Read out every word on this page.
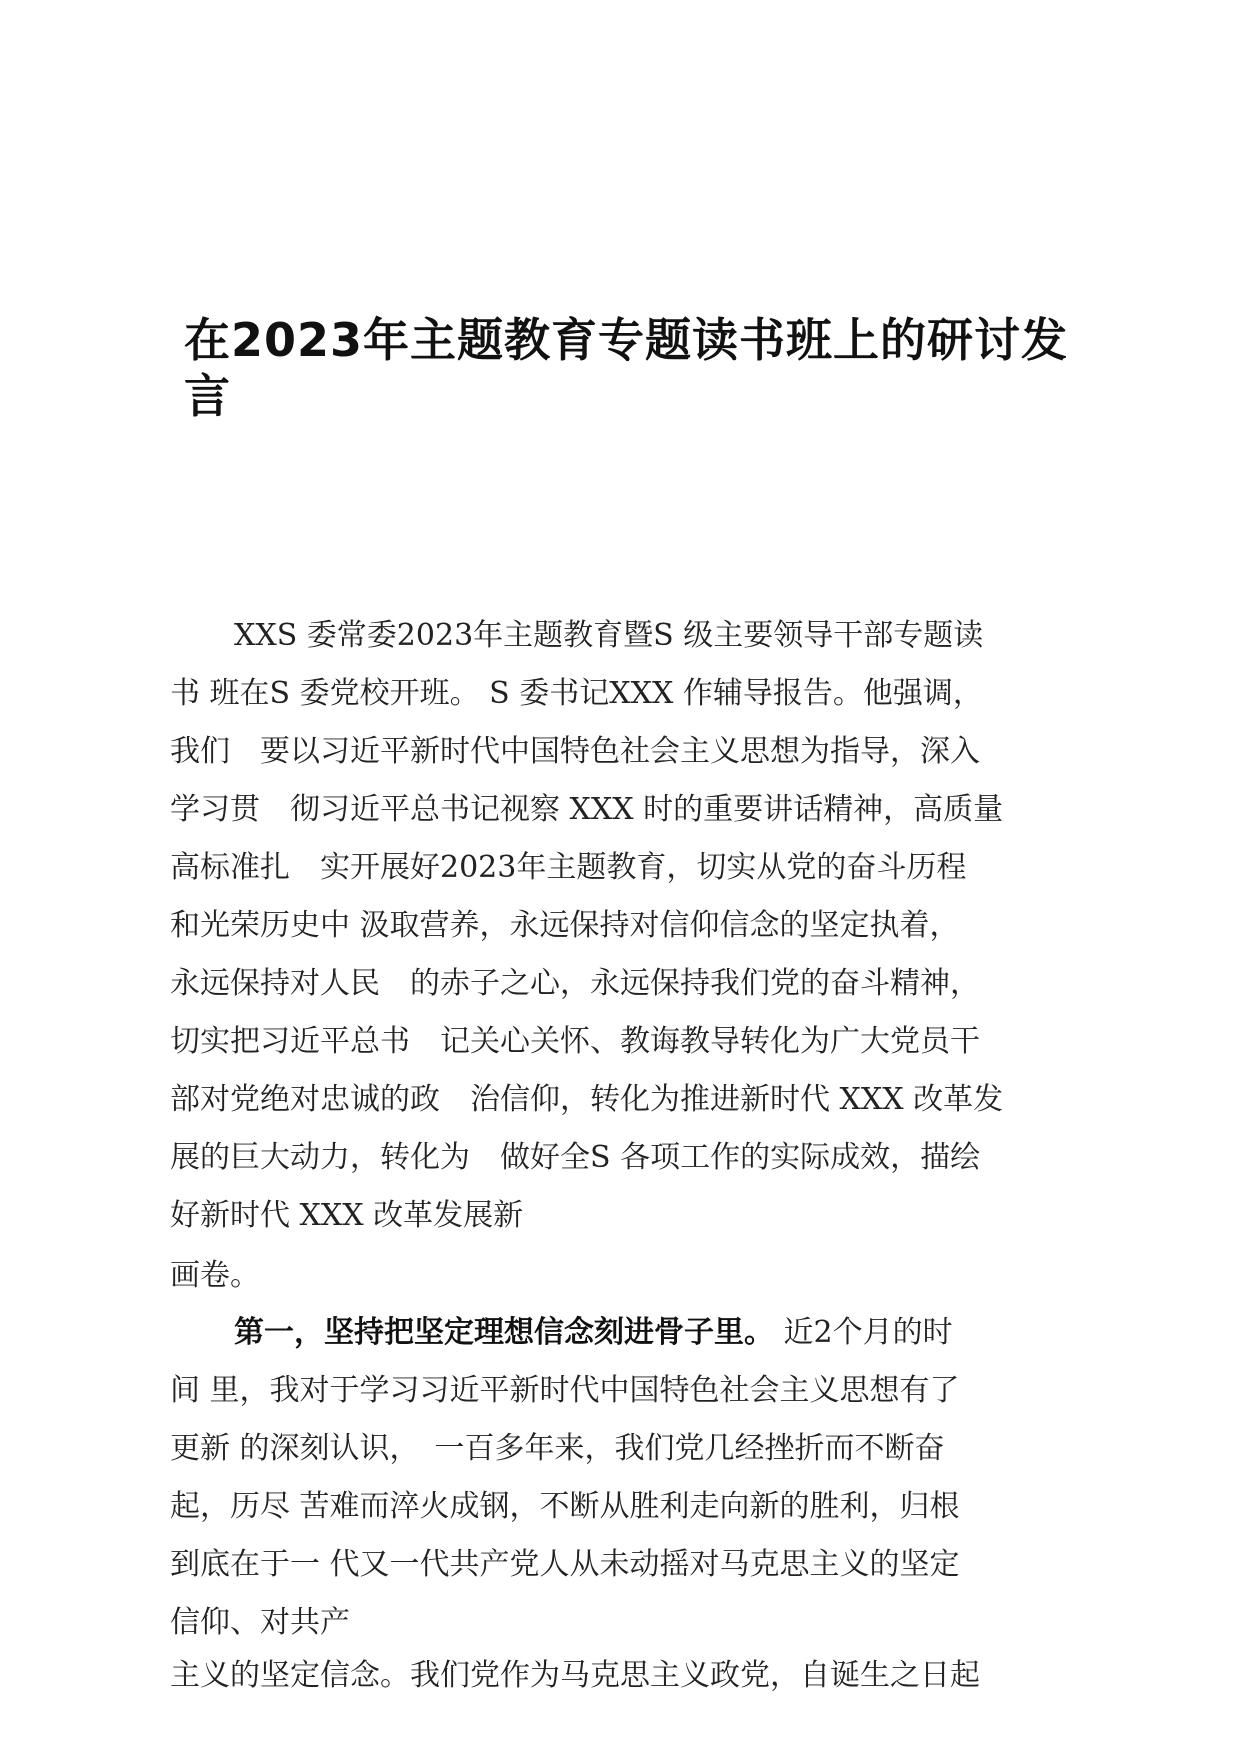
在2023年主题教育专题读书班上的研讨发
言
XXS 委常委2023年主题教育暨S 级主要领导干部专题读
书 班在S 委党校开班。 S 委书记XXX 作辅导报告。他强调，
我们　要以习近平新时代中国特色社会主义思想为指导，深入
学习贯　彻习近平总书记视察 XXX 时的重要讲话精神，高质量
高标准扎　实开展好2023年主题教育，切实从党的奋斗历程
和光荣历史中 汲取营养，永远保持对信仰信念的坚定执着，
永远保持对人民　的赤子之心，永远保持我们党的奋斗精神，
切实把习近平总书　记关心关怀、教诲教导转化为广大党员干
部对党绝对忠诚的政　治信仰，转化为推进新时代 XXX 改革发
展的巨大动力，转化为　做好全S 各项工作的实际成效，描绘
好新时代 XXX 改革发展新
画卷。
第一，坚持把坚定理想信念刻进骨子里。 近2个月的时
间 里，我对于学习习近平新时代中国特色社会主义思想有了
更新 的深刻认识，　一百多年来，我们党几经挫折而不断奋
起，历尽 苦难而淬火成钢，不断从胜利走向新的胜利，归根
到底在于一 代又一代共产党人从未动摇对马克思主义的坚定
信仰、对共产
主义的坚定信念。我们党作为马克思主义政党，自诞生之日起
